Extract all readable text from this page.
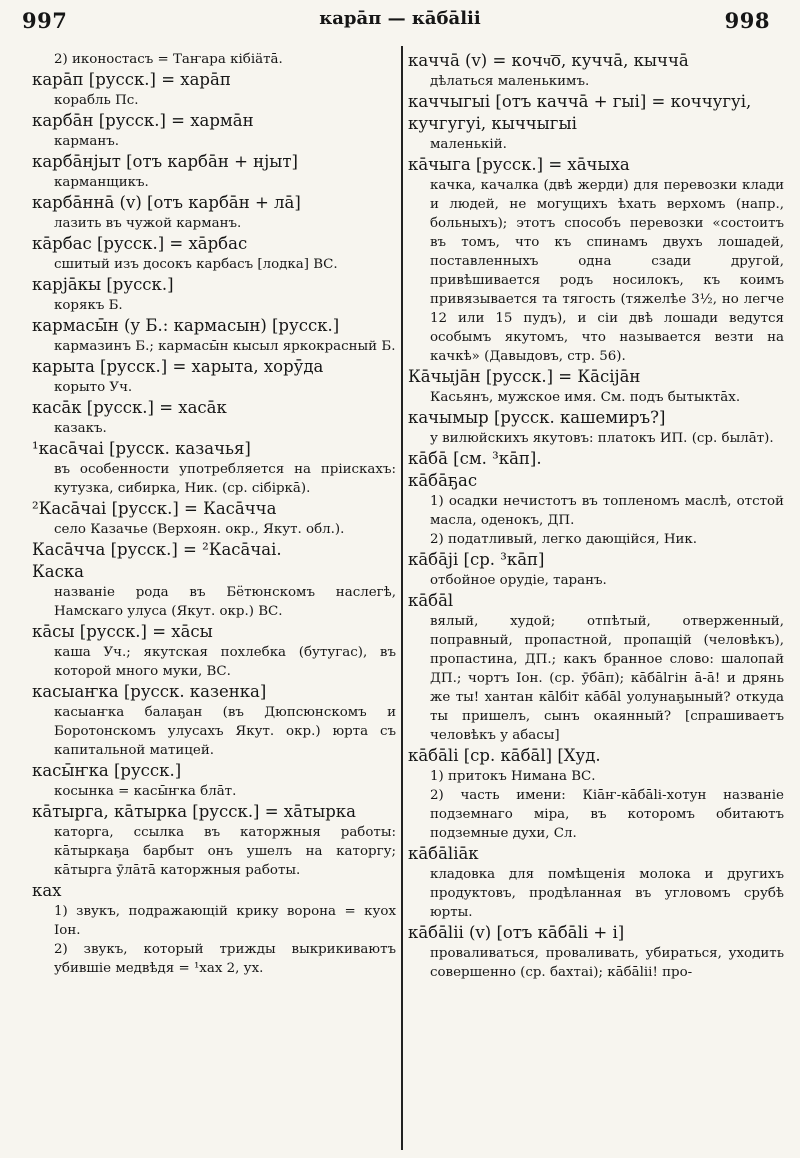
997	карāп — кāбālіі	998
2) иконостасъ = Таҥара кібіäтā.
карāп [русск.] = харāп
корабль Пс.
карбāн [русск.] = хармāн
карманъ.
карбāнjыт [отъ карбāн + нjыт]
карманщикъ.
карбāннā (v) [отъ карбāн + лā]
лазить въ чужой карманъ.
кāрбас [русск.] = хāрбас
сшитый изъ досокъ карбасъ [лодка] ВС.
карjāкы [русск.]
корякъ Б.
кармасы̄н (у Б.: кармасын) [русск.]
кармазинъ Б.; кармасы̄н кысыл яркокрасный Б.
карыта [русск.] = харыта, хорӯда
корыто Уч.
касāк [русск.] = хасāк
казакъ.
¹касāчаі [русск. казачья]
въ особенности употребляется на прiискахъ: кутузка, сибирка, Ник. (ср. сібіркā).
²Касāчаі [русск.] = Касāчча
село Казачье (Верхоян. окр., Якут. обл.).
Касāчча [русск.] = ²Касāчаі.
Каска
названiе рода въ Бётюнскомъ наслегѣ, Намскаго улуса (Якут. окр.) ВС.
кāсы [русск.] = хāсы
каша Уч.; якутская похлебка (бутугас), въ которой много муки, ВС.
касыаҥка [русск. казенка]
касыаҥка балаҕан (въ Дюпсюнскомъ и Боротонскомъ улусахъ Якут. окр.) юрта съ капитальной матицей.
касы̄ҥка [русск.]
косынка = касы̄ҥка блāт.
кāтырга, кāтырка [русск.] = хāтырка
каторга, ссылка въ каторжныя работы: кāтыркаҕа барбыт онъ ушелъ на каторгу; кāтырга ӯлāтā каторжныя работы.
ках
1) звукъ, подражающiй крику ворона = куох Іон.
2) звукъ, который трижды выкрикиваютъ убившiе медвѣдя = ¹хах 2, ух.
каччā (v) = кочч͞о, куччā, кыччā
дѣлаться маленькимъ.
каччыгыі [отъ каччā + гыі] = коччугуі, кучгугуі, кыччыгыі
маленькiй.
кāчыга [русск.] = хāчыха
качка, качалка (двѣ жерди) для перевозки клади и людей, не могущихъ ѣхать верхомъ (напр., больныхъ); этотъ способъ перевозки «состоитъ въ томъ, что къ спинамъ двухъ лошадей, поставленныхъ одна сзади другой, привѣшивается родъ носилокъ, къ коимъ привязывается та тягость (тяжелѣе 3½, но легче 12 или 15 пудъ), и сiи двѣ лошади ведутся особымъ якутомъ, что называется везти на качкѣ» (Давыдовъ, стр. 56).
Кāчыjāн [русск.] = Кāсіjāн
Касьянъ, мужское имя. См. подъ бытыктāх.
качымыр [русск. кашемиръ?]
у вилюйскихъ якутовъ: платокъ ИП. (ср. былāт).
кāбā [см. ³кāп].
кāбāҕас
1) осадки нечистотъ въ топленомъ маслѣ, отстой масла, оденокъ, ДП.
2) податливый, легко дающiйся, Ник.
кāбājі [ср. ³кāп]
отбойное орудiе, таранъ.
кāбāl
вялый, худой; отпѣтый, отверженный, поправный, пропастной, пропащiй (человѣкъ), пропастина, ДП.; какъ бранное слово: шалопай ДП.; чортъ Іон. (ср. ӯбāп); кāбālгін ā-ā! и дрянь же ты! хантан кālбіт кāбāl уолунаҕыный? откуда ты пришелъ, сынъ окаянный? [спрашиваетъ человѣкъ у абасы]
кāбālі [ср. кāбāl] [Худ.
1) притокъ Нимана ВС.
2) часть имени: Кіāҥ-кāбālі-хотун названiе подземнаго мiра, въ которомъ обитаютъ подземные духи, Сл.
кāбālіāк
кладовка для помѣщенiя молока и другихъ продуктовъ, продѣланная въ угловомъ срубѣ юрты.
кāбālіі (v) [отъ кāбālі + і]
проваливаться, проваливать, убираться, уходить совершенно (ср. бахтаі); кāбālіі! про-
